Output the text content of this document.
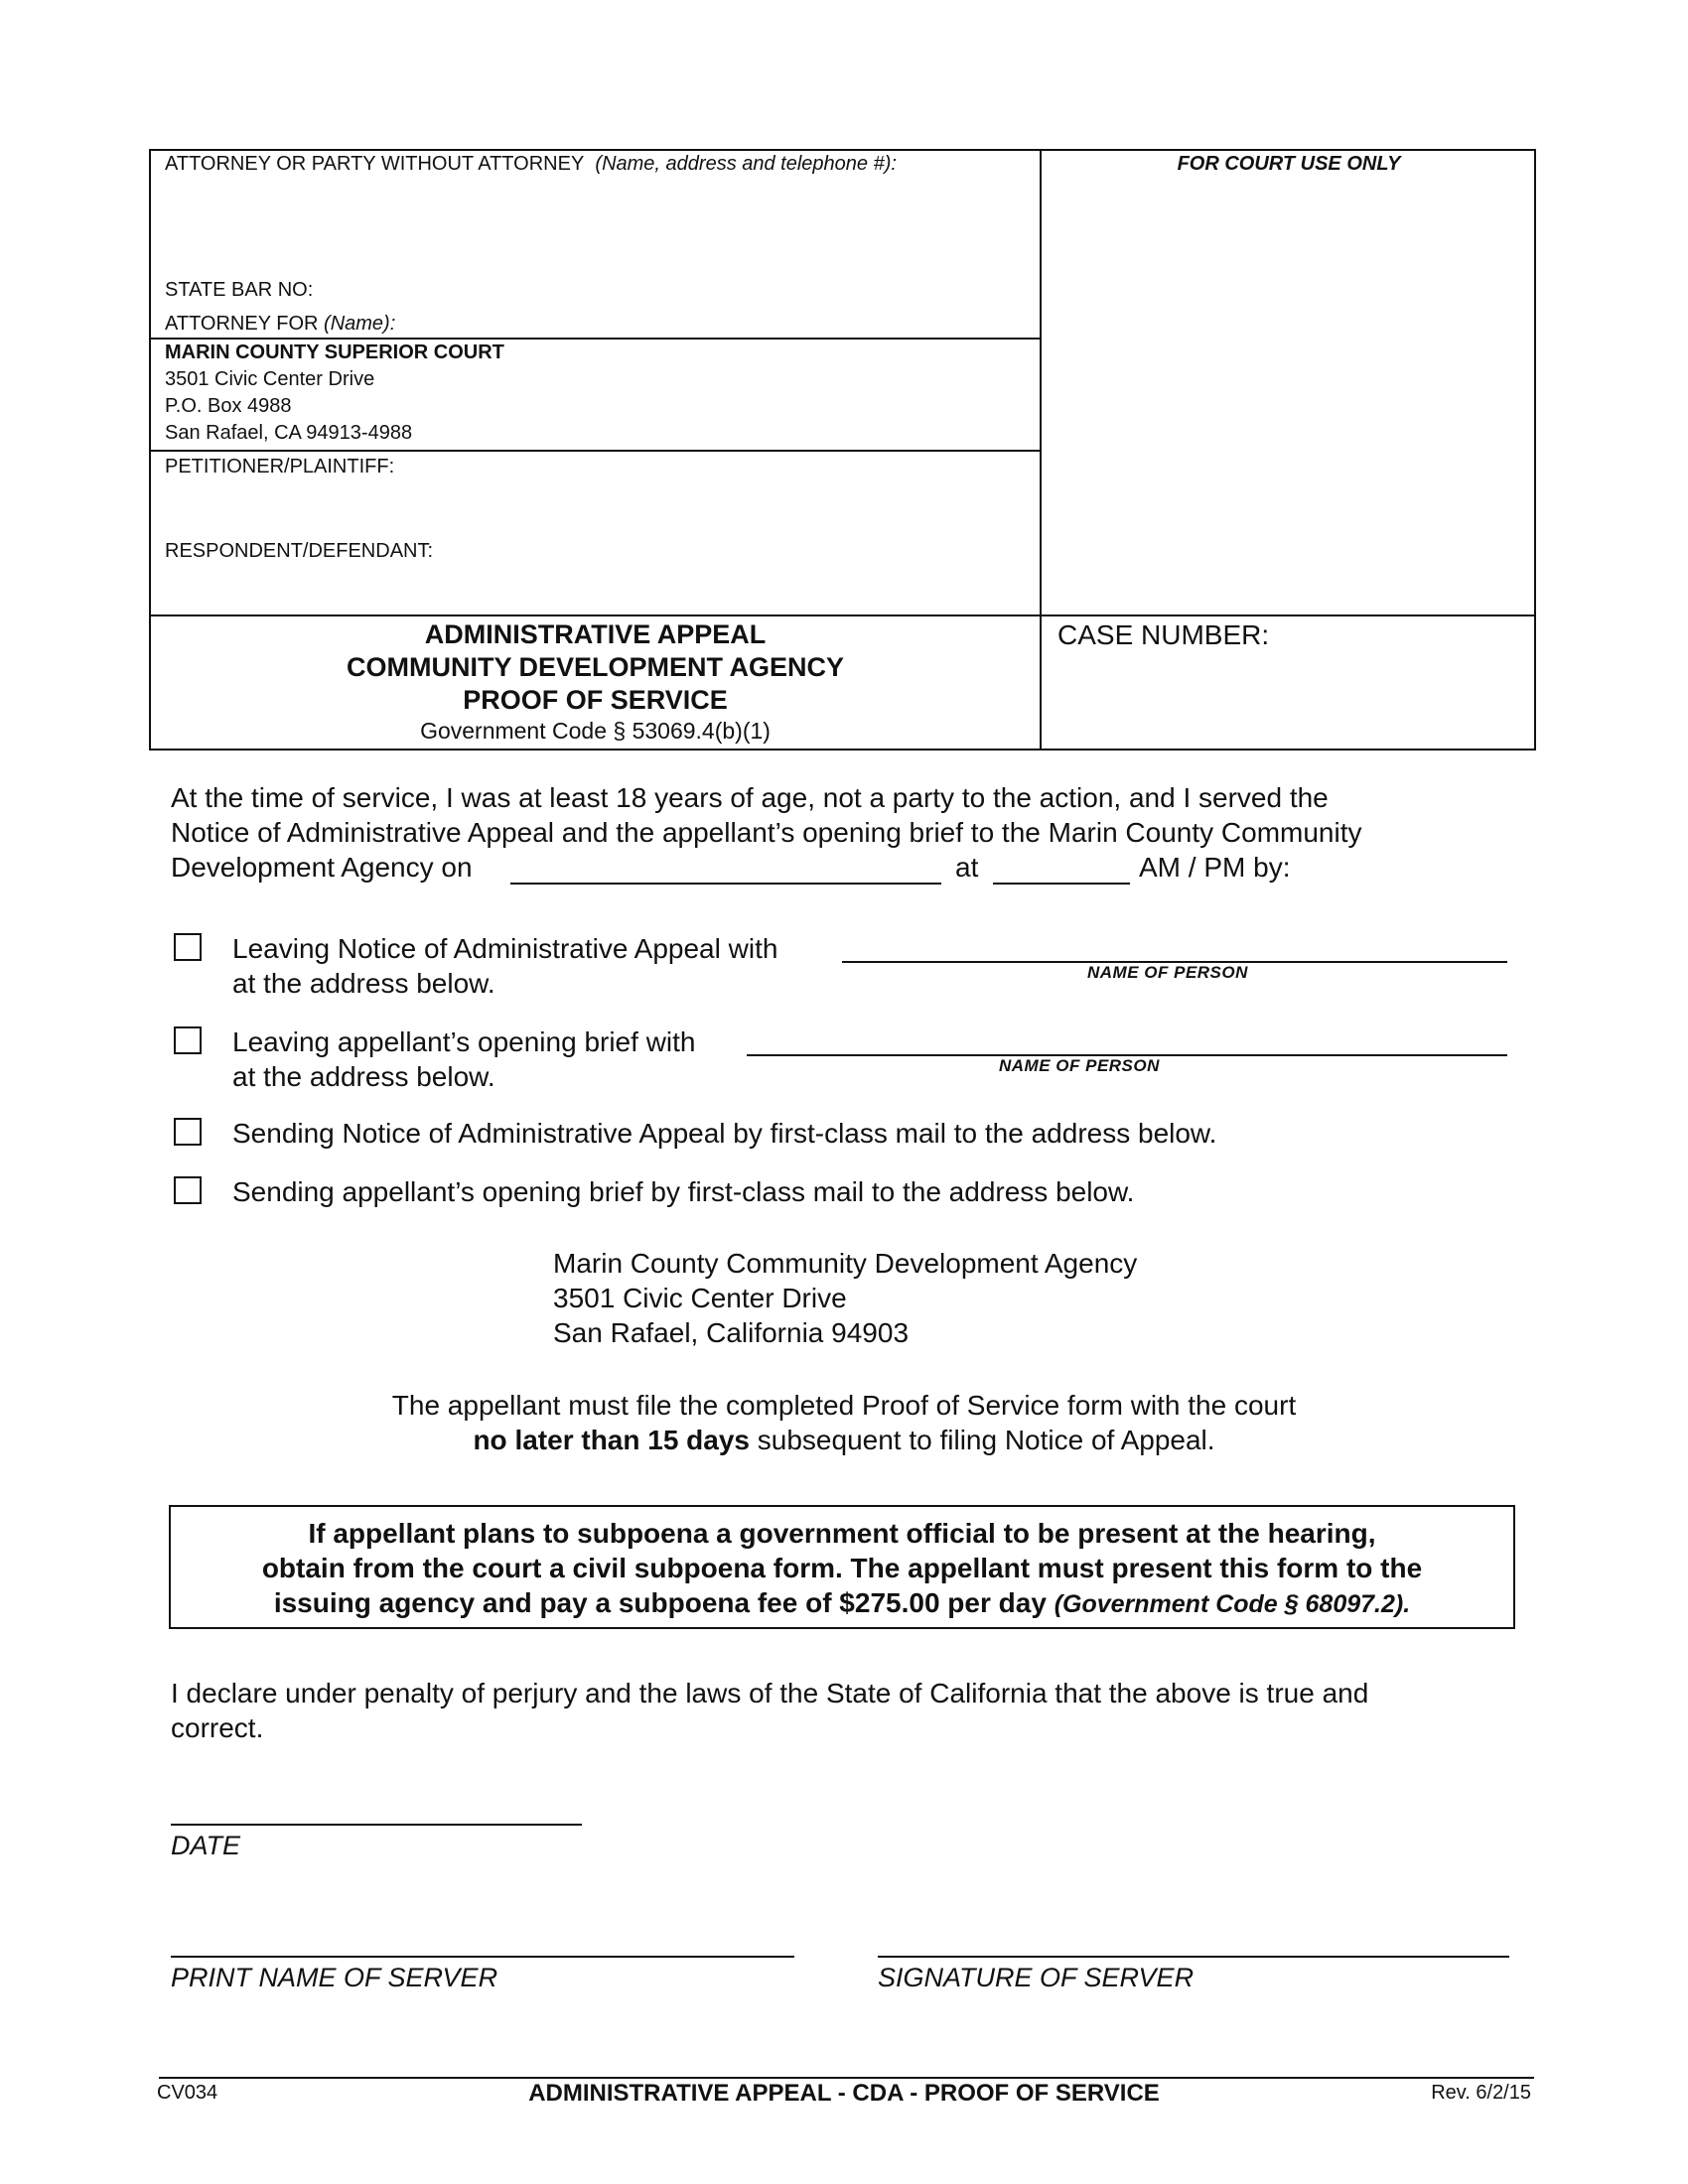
ATTORNEY OR PARTY WITHOUT ATTORNEY (Name, address and telephone #):
STATE BAR NO:
ATTORNEY FOR (Name):
MARIN COUNTY SUPERIOR COURT
3501 Civic Center Drive
P.O. Box 4988
San Rafael, CA 94913-4988
PETITIONER/PLAINTIFF:
RESPONDENT/DEFENDANT:
FOR COURT USE ONLY
ADMINISTRATIVE APPEAL
COMMUNITY DEVELOPMENT AGENCY
PROOF OF SERVICE
Government Code § 53069.4(b)(1)
CASE NUMBER:
At the time of service, I was at least 18 years of age, not a party to the action, and I served the
Notice of Administrative Appeal and the appellant’s opening brief to the Marin County Community
Development Agency on	at	AM / PM by:
Leaving Notice of Administrative Appeal with
at the address below.	NAME OF PERSON
Leaving appellant’s opening brief with
at the address below.	NAME OF PERSON
Sending Notice of Administrative Appeal by first-class mail to the address below.
Sending appellant’s opening brief by first-class mail to the address below.
Marin County Community Development Agency
3501 Civic Center Drive
San Rafael, California 94903
The appellant must file the completed Proof of Service form with the court
no later than 15 days subsequent to filing Notice of Appeal.
If appellant plans to subpoena a government official to be present at the hearing,
obtain from the court a civil subpoena form. The appellant must present this form to the
issuing agency and pay a subpoena fee of $275.00 per day (Government Code § 68097.2).
I declare under penalty of perjury and the laws of the State of California that the above is true and
correct.
DATE
PRINT NAME OF SERVER	SIGNATURE OF SERVER
CV034	ADMINISTRATIVE APPEAL - CDA - PROOF OF SERVICE	Rev. 6/2/15
